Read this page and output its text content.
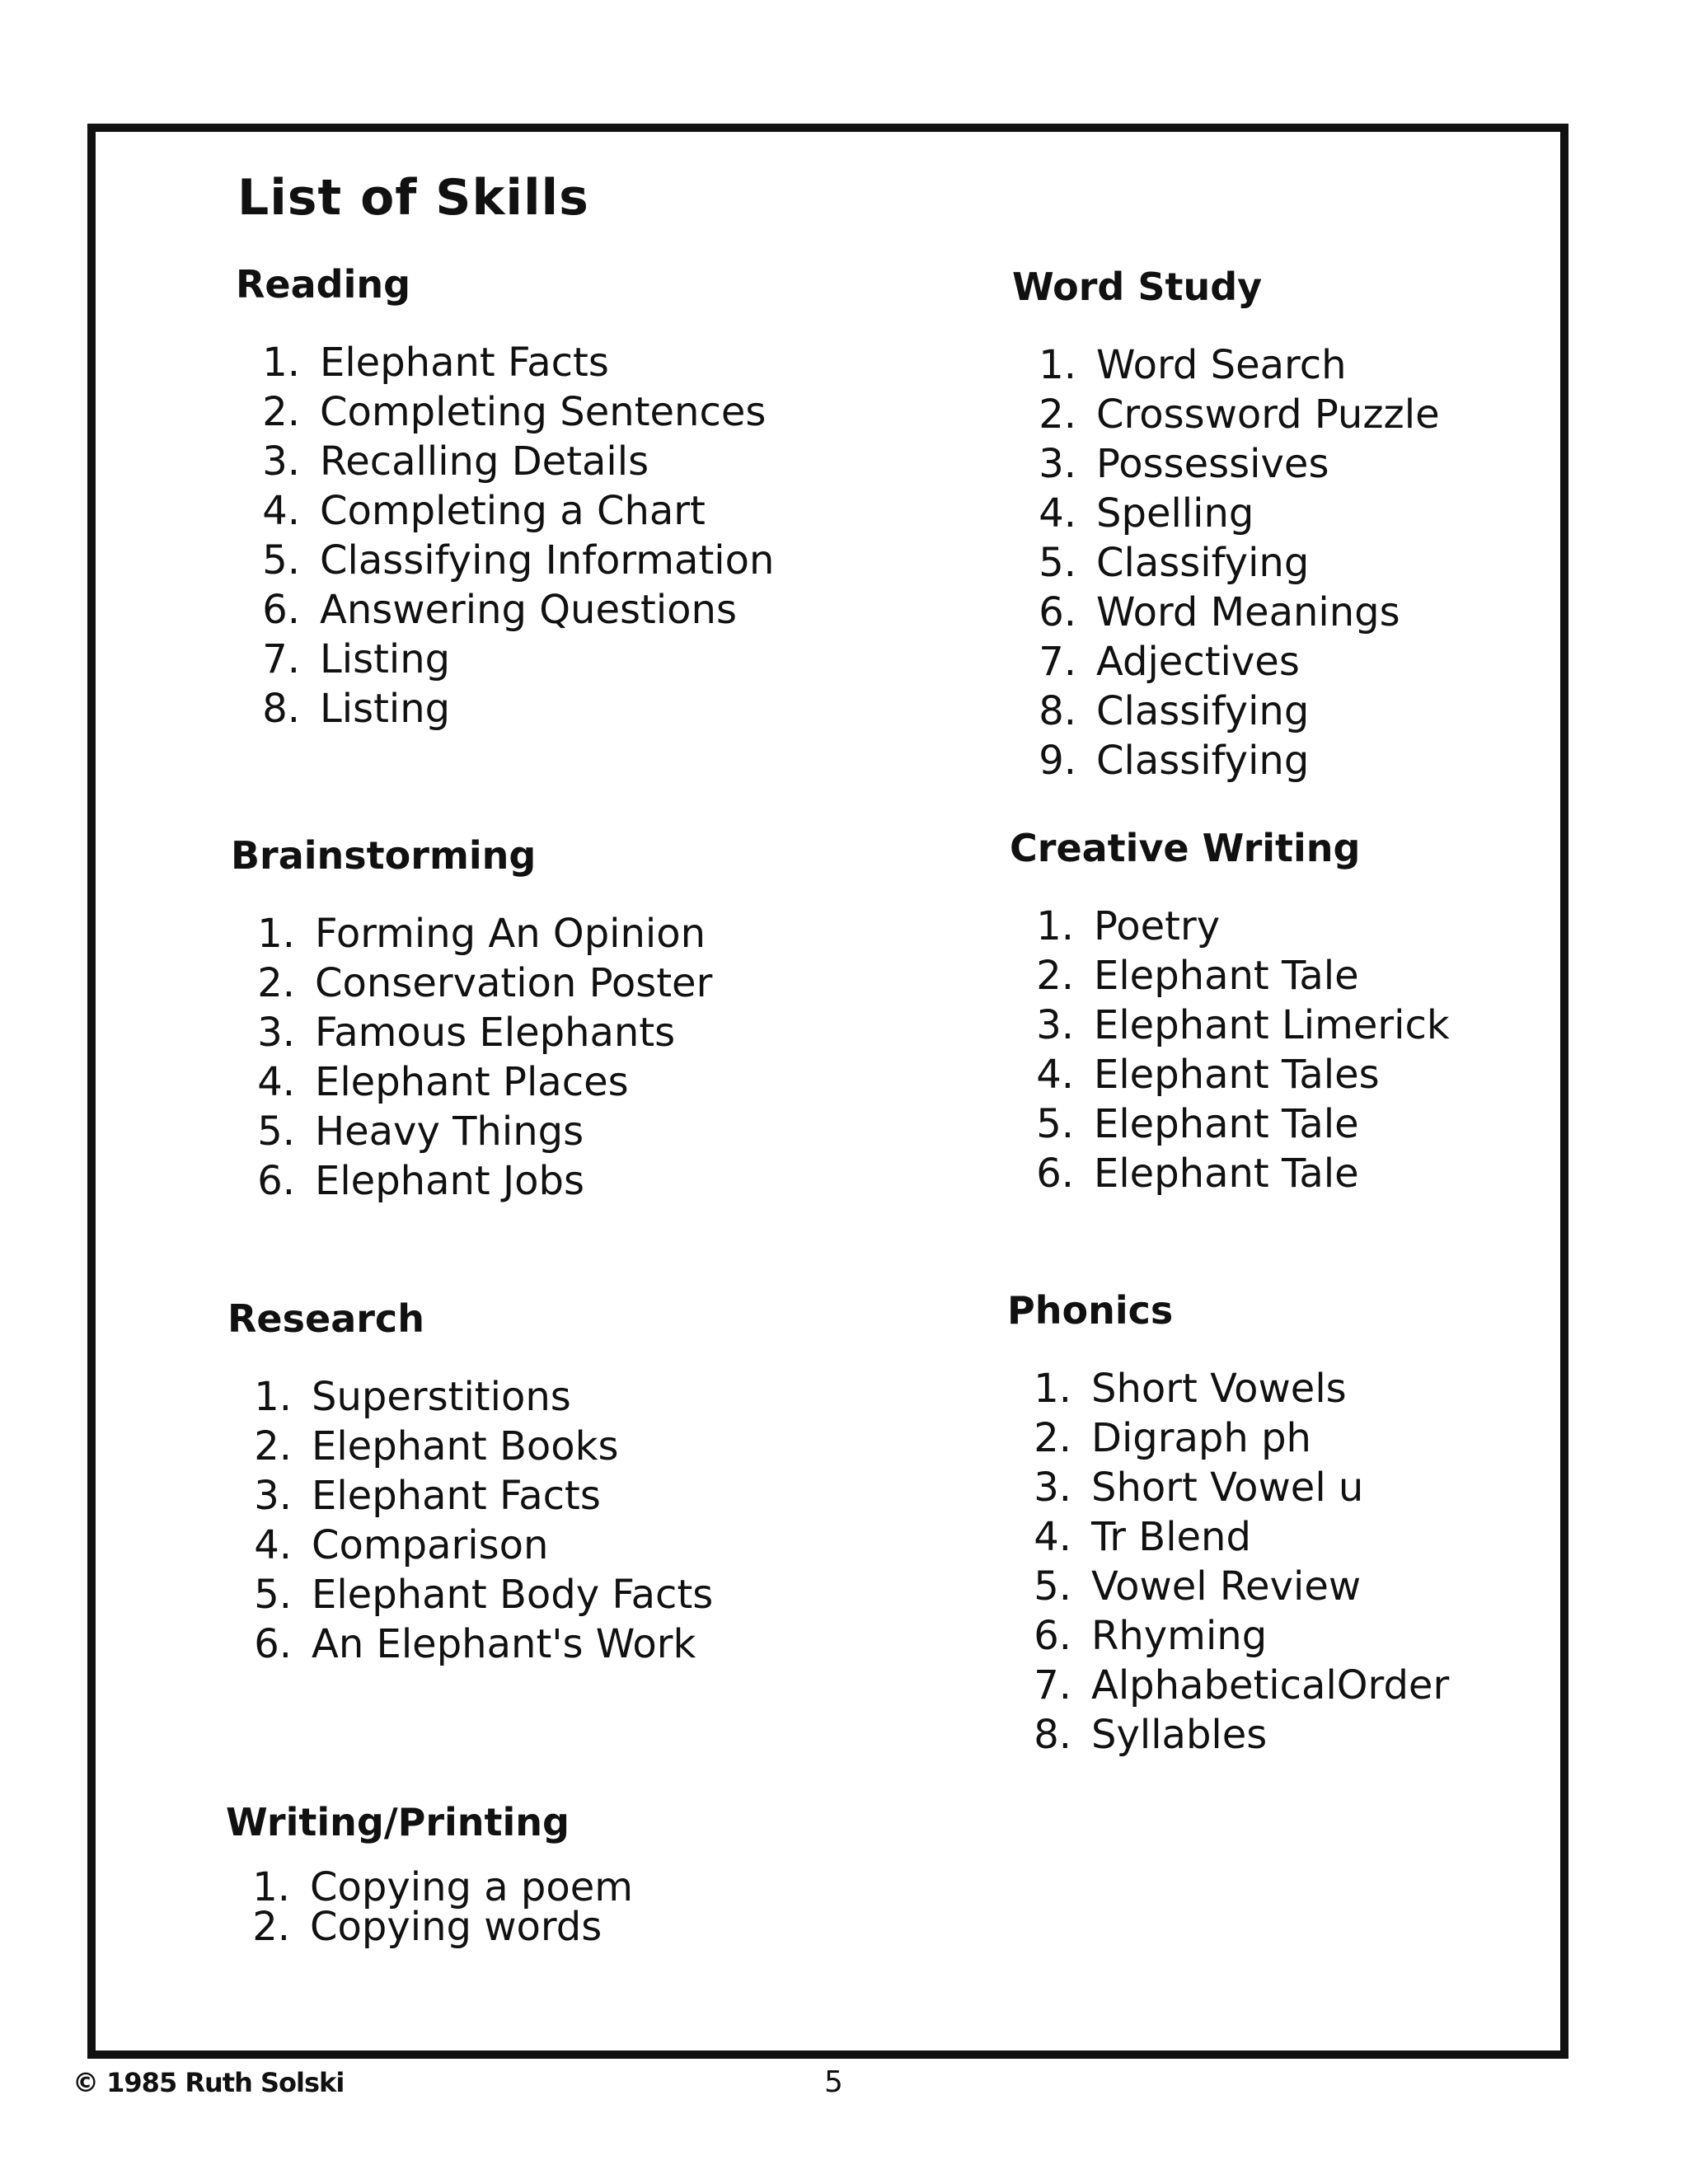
List of Skills
Reading
1. Elephant Facts
2. Completing Sentences
3. Recalling Details
4. Completing a Chart
5. Classifying Information
6. Answering Questions
7. Listing
8. Listing
Brainstorming
1. Forming An Opinion
2. Conservation Poster
3. Famous Elephants
4. Elephant Places
5. Heavy Things
6. Elephant Jobs
Research
1. Superstitions
2. Elephant Books
3. Elephant Facts
4. Comparison
5. Elephant Body Facts
6. An Elephant's Work
Writing/Printing
1. Copying a poem
2. Copying words
Word Study
1. Word Search
2. Crossword Puzzle
3. Possessives
4. Spelling
5. Classifying
6. Word Meanings
7. Adjectives
8. Classifying
9. Classifying
Creative Writing
1. Poetry
2. Elephant Tale
3. Elephant Limerick
4. Elephant Tales
5. Elephant Tale
6. Elephant Tale
Phonics
1. Short Vowels
2. Digraph ph
3. Short Vowel u
4. Tr Blend
5. Vowel Review
6. Rhyming
7. AlphabeticalOrder
8. Syllables
© 1985 Ruth Solski	5
